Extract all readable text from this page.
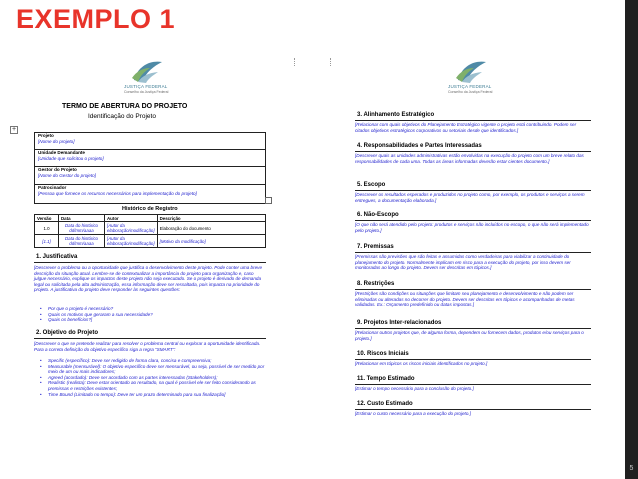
EXEMPLO 1
JUSTIÇA FEDERAL
Conselho da Justiça Federal
JUSTIÇA FEDERAL
Conselho da Justiça Federal
TERMO DE ABERTURA DO PROJETO
Identificação do Projeto
+
Projeto
[Nome do projeto]
Unidade Demandante
[Unidade que solicitou o projeto]
Gestor do Projeto
[Nome do Gestor do projeto]
Patrocinador
[Pessoa que fornece os recursos necessários para implementação do projeto]
Histórico de Registro
Versão	Data	Autor	Descrição
1.0	Data do histórico dd/mm/aaaa	[Autor da elaboração/modificação]	Elaboração do documento
[1.1]	Data do histórico dd/mm/aaaa	[Autor da elaboração/modificação]	[Motivo da modificação]
1. Justificativa
[Descrever o problema ou a oportunidade que justifica o desenvolvimento deste projeto. Pode conter uma breve descrição da situação atual. Lembre-se de contextualizar a importância do projeto para organização e, caso julgue necessário, explique os impactos deste projeto não seja executado. Se o projeto é derivado de demanda legal ou solicitada pela alta administração, essa informação deve ser ressaltada, pois impacta na prioridade do projeto. A justificativa do projeto deve responder às seguintes questões:
• Por que o projeto é necessário?
• Quais os motivos que geraram a sua necessidade?
• Quais os benefícios?]
2. Objetivo do Projeto
[Descrever o que se pretende realizar para resolver o problema central ou explorar a oportunidade identificada. Para a correta definição do objetivo específico siga a regra "SMART":
• Specific (específico): Deve ser redigido de forma clara, concisa e compreensiva;
• Measurable (mensurável): O objetivo específico deve ser mensurável, ou seja, possível de ser medido por meio de um ou mais indicadores;
• Agreed (acordado): Deve ser acordado com as partes interessadas (Stakeholders);
• Realistic (realista): Deve estar orientado ao resultado, na qual é possível ele ser feito considerando as premissas e restrições existentes;
• Time Bound (Limitado no tempo): Deve ter um prazo determinado para sua finalização]
3. Alinhamento Estratégico
[Relacionar com quais objetivos do Planejamento Estratégico vigente o projeto está contribuindo. Podem ser citados objetivos estratégicos corporativos ou setoriais desde que identificados.]
4. Responsabilidades e Partes Interessadas
[Descrever quais as unidades administrativas estão envolvidas na execução do projeto com um breve relato das responsabilidades de cada uma. Todas as áreas informadas deverão estar cientes documento.]
5. Escopo
[Descrever os resultados esperados e produzidos no projeto como, por exemplo, os produtos e serviços a serem entregues, a documentação elaborada.]
6. Não-Escopo
[O que não será atendido pelo projeto: produtos e serviços não incluídos no escopo, o que não será implementado pelo projeto.]
7. Premissas
[Premissas são previsões que são feitas e assumidas como verdadeiras para viabilizar a continuidade do planejamento do projeto. Normalmente implicam em risco para a execução do projeto, por isso devem ser monitoradas ao longo do projeto. Devem ser descritas em tópicos.]
8. Restrições
[Restrições são condições ou situações que limitam seu planejamento e desenvolvimento e não podem ser eliminadas ou alteradas no decorrer do projeto. Devem ser descritas em tópicos e acompanhadas de metas validadas. Ex.: Orçamento predefinido ou datas impostas.]
9. Projetos Inter-relacionados
[Relacionar outros projetos que, de alguma forma, dependem ou fornecem dados, produtos e/ou serviços para o projeto.]
10. Riscos Iniciais
[Relacionar em tópicos os riscos iniciais identificados no projeto.]
11. Tempo Estimado
[Estimar o tempo necessário para a conclusão do projeto.]
12. Custo Estimado
[Estimar o custo necessário para a execução do projeto.]
5
